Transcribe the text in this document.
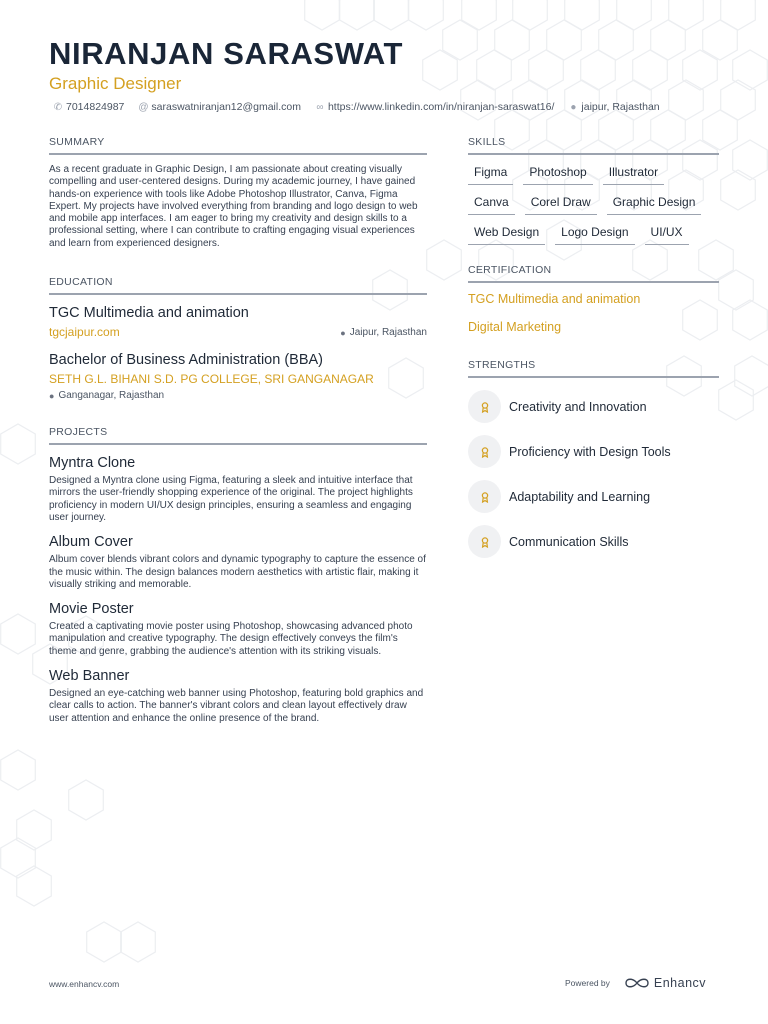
NIRANJAN SARASWAT
Graphic Designer
✆ 7014824987 @ saraswatniranjan12@gmail.com ∞ https://www.linkedin.com/in/niranjan-saraswat16/ ● jaipur, Rajasthan
SUMMARY
As a recent graduate in Graphic Design, I am passionate about creating visually compelling and user-centered designs. During my academic journey, I have gained hands-on experience with tools like Adobe Photoshop Illustrator, Canva, Figma Expert. My projects have involved everything from branding and logo design to web and mobile app interfaces. I am eager to bring my creativity and design skills to a professional setting, where I can contribute to crafting engaging visual experiences and learn from experienced designers.
EDUCATION
TGC Multimedia and animation
tgcjaipur.com	● Jaipur, Rajasthan
Bachelor of Business Administration (BBA)
SETH G.L. BIHANI S.D. PG COLLEGE, SRI GANGANAGAR
● Ganganagar, Rajasthan
PROJECTS
Myntra Clone
Designed a Myntra clone using Figma, featuring a sleek and intuitive interface that mirrors the user-friendly shopping experience of the original. The project highlights proficiency in modern UI/UX design principles, ensuring a seamless and engaging user journey.
Album Cover
Album cover blends vibrant colors and dynamic typography to capture the essence of the music within. The design balances modern aesthetics with artistic flair, making it visually striking and memorable.
Movie Poster
Created a captivating movie poster using Photoshop, showcasing advanced photo manipulation and creative typography. The design effectively conveys the film's theme and genre, grabbing the audience's attention with its striking visuals.
Web Banner
Designed an eye-catching web banner using Photoshop, featuring bold graphics and clear calls to action. The banner's vibrant colors and clean layout effectively draw user attention and enhance the online presence of the brand.
SKILLS
Figma	Photoshop	Illustrator
Canva	Corel Draw	Graphic Design
Web Design	Logo Design	UI/UX
CERTIFICATION
TGC Multimedia and animation
Digital Marketing
STRENGTHS
Creativity and Innovation
Proficiency with Design Tools
Adaptability and Learning
Communication Skills
www.enhancv.com	Powered by	Enhancv
